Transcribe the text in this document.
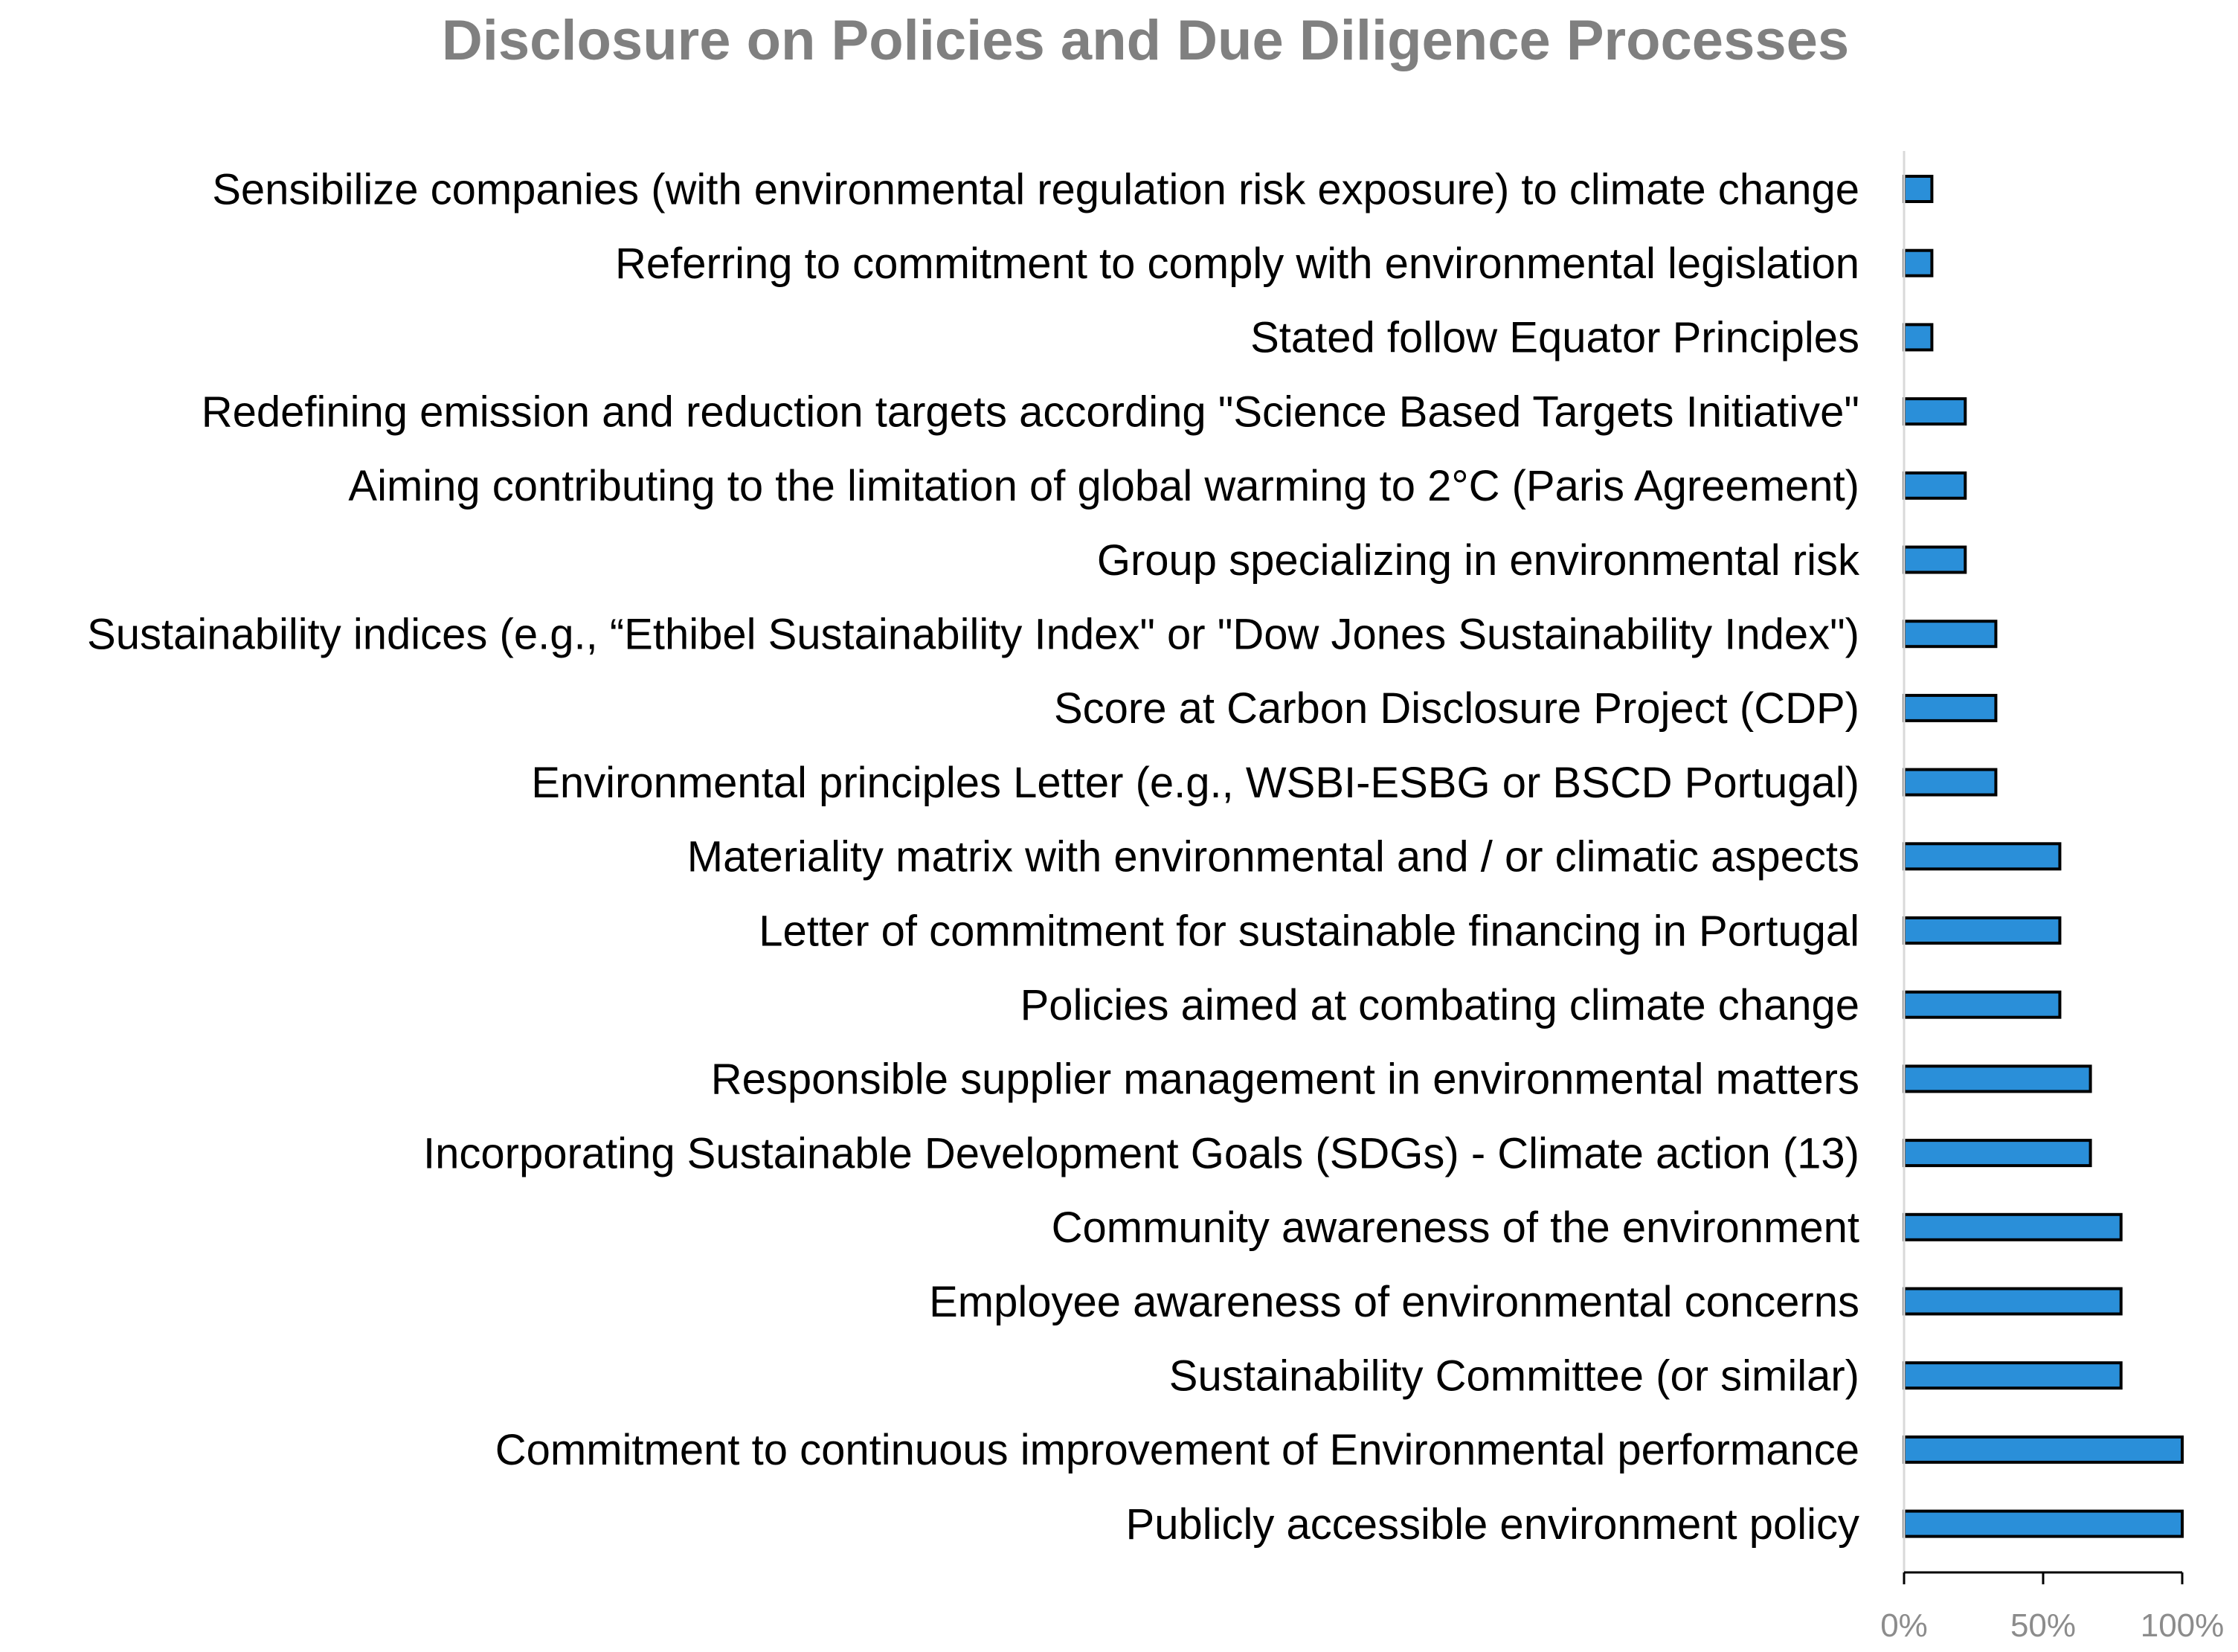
Disclosure on Policies and Due Diligence Processes
Sensibilize companies (with environmental regulation risk exposure) to climate change
Referring to commitment to comply with environmental legislation
Stated follow Equator Principles
Redefining emission and reduction targets according "Science Based Targets Initiative"
Aiming contributing to the limitation of global warming to 2°C (Paris Agreement)
Group specializing in environmental risk
Sustainability indices (e.g., “Ethibel Sustainability Index" or "Dow Jones Sustainability Index")
Score at Carbon Disclosure Project (CDP)
Environmental principles Letter (e.g., WSBI-ESBG or BSCD Portugal)
Materiality matrix with environmental and / or climatic aspects
Letter of commitment for sustainable financing in Portugal
Policies aimed at combating climate change
Responsible supplier management in environmental matters
Incorporating Sustainable Development Goals (SDGs) - Climate action (13)
Community awareness of the environment
Employee awareness of environmental concerns
Sustainability Committee (or similar)
Commitment to continuous improvement of Environmental performance
Publicly accessible environment policy
0%	50% 100%
